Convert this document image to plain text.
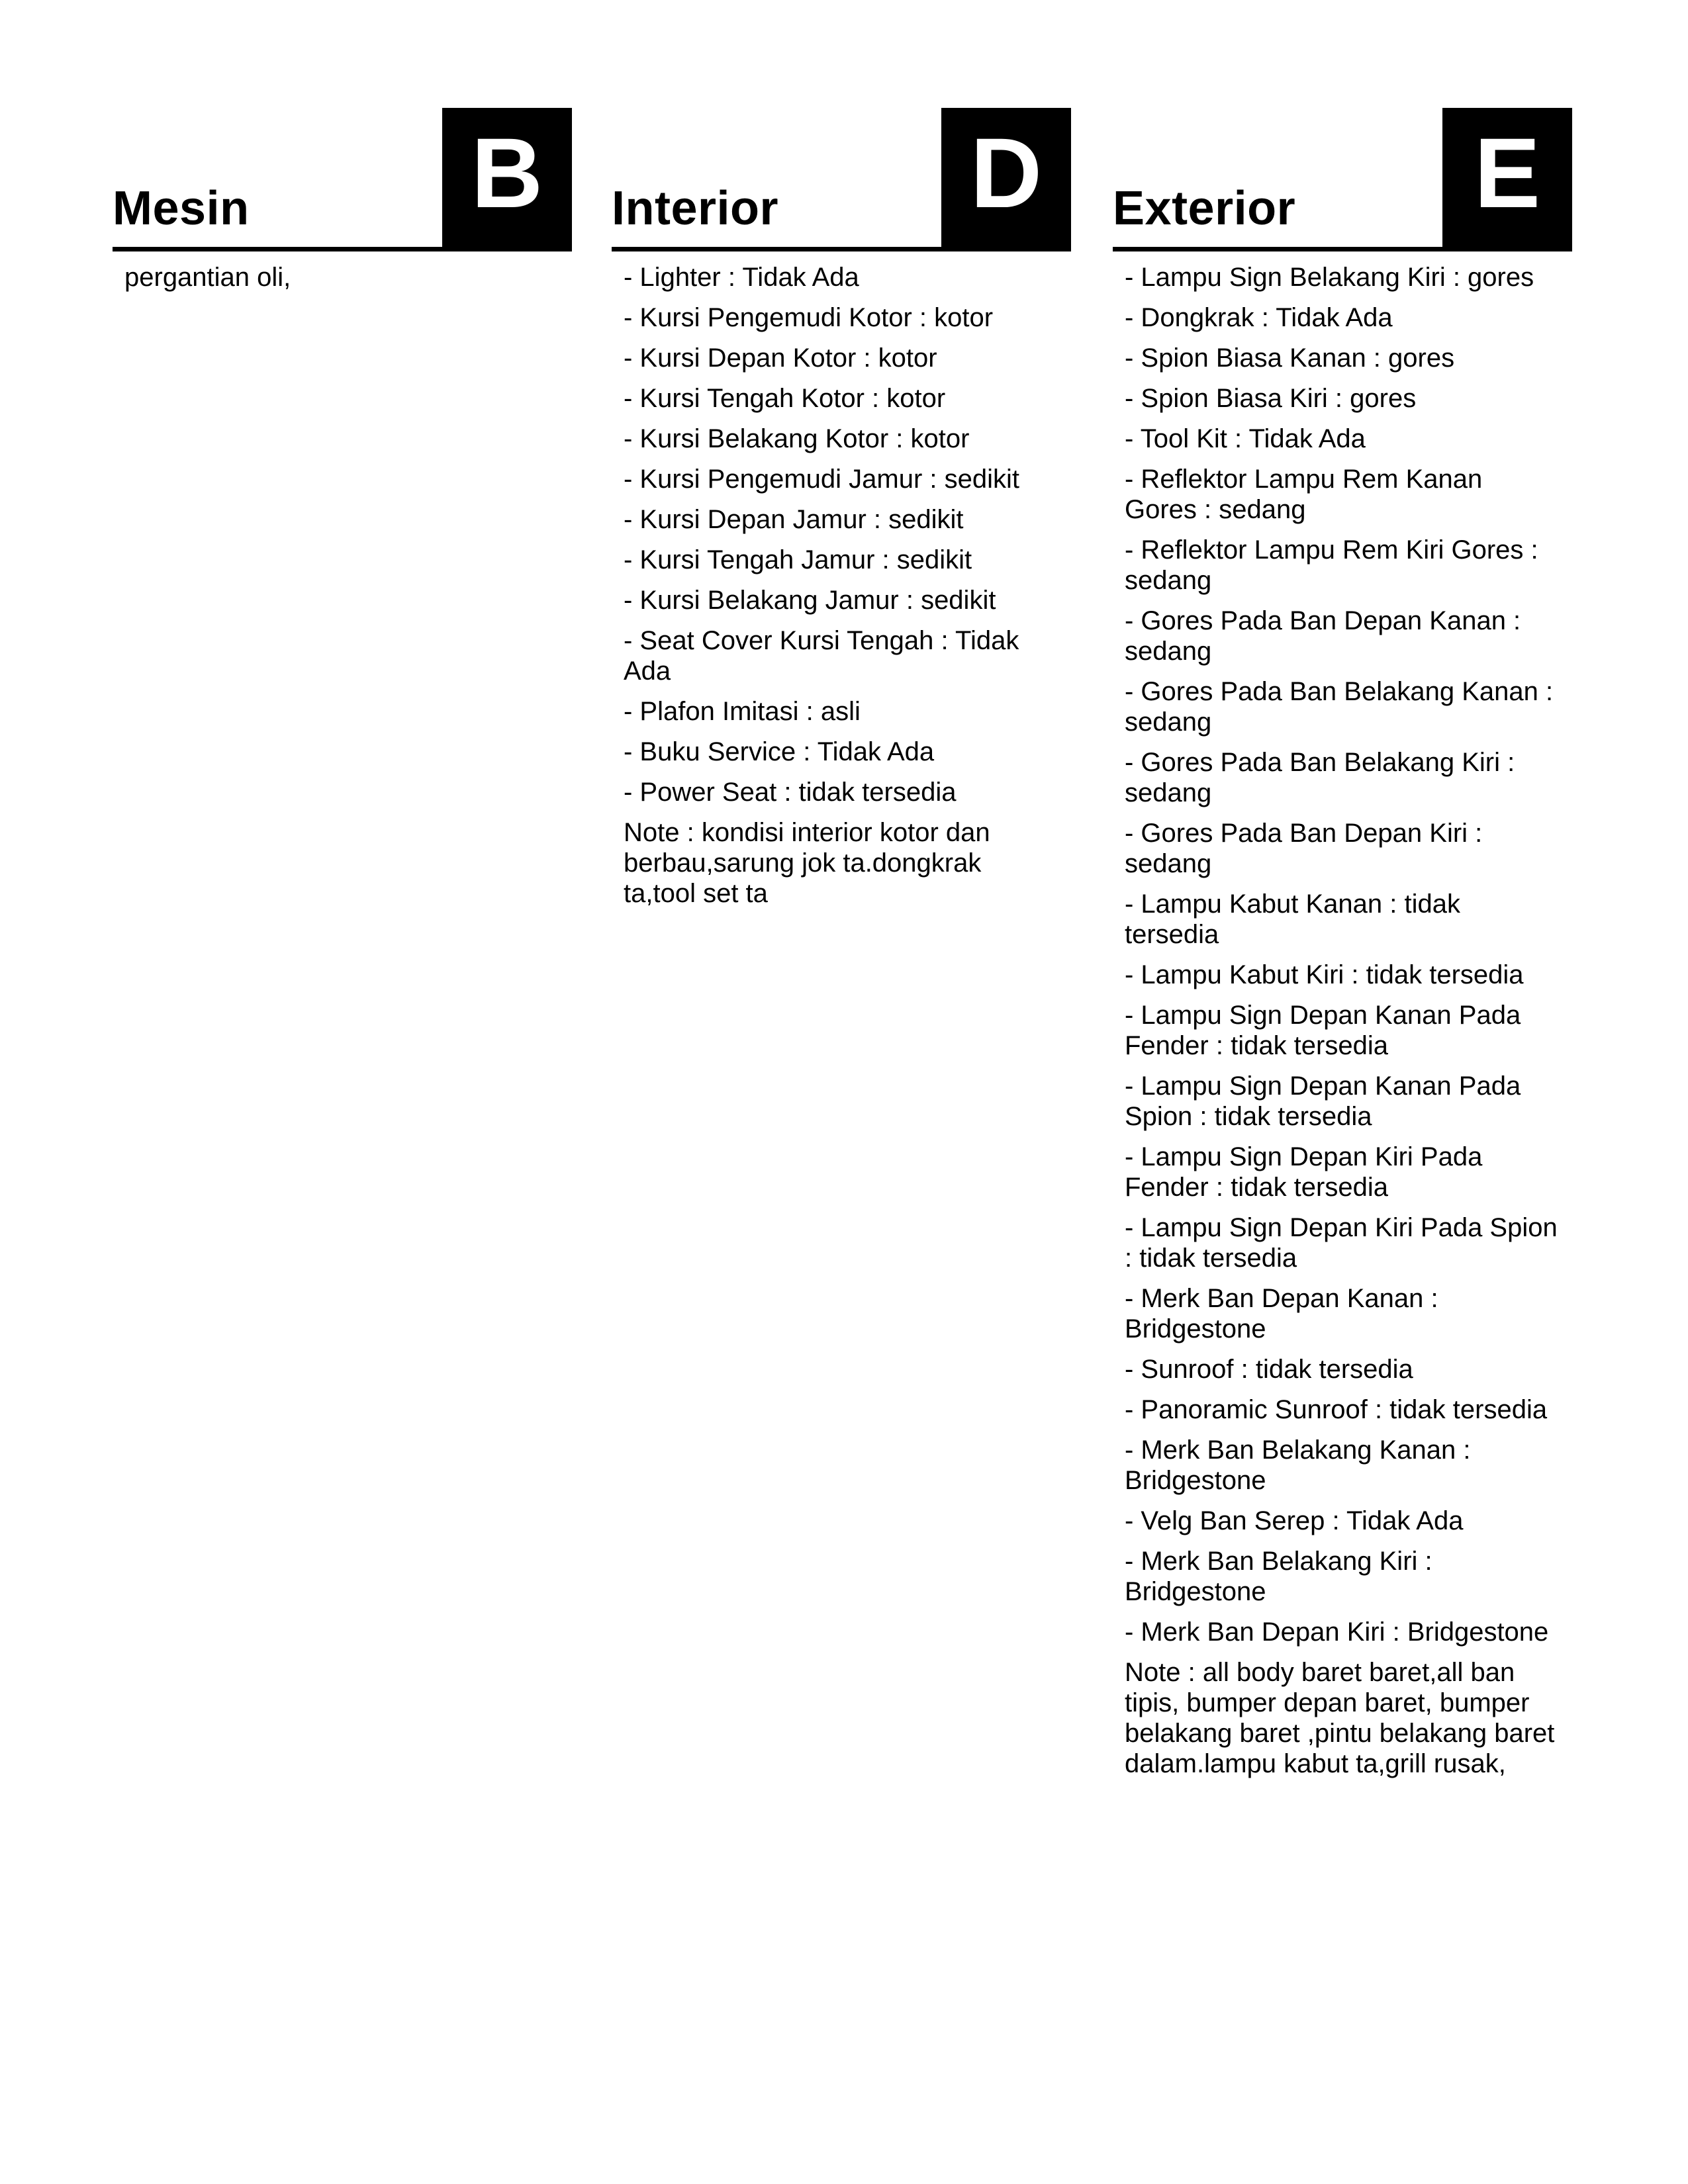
Mesin B
pergantian oli,
Interior D
- Lighter : Tidak Ada
- Kursi Pengemudi Kotor : kotor
- Kursi Depan Kotor : kotor
- Kursi Tengah Kotor : kotor
- Kursi Belakang Kotor : kotor
- Kursi Pengemudi Jamur : sedikit
- Kursi Depan Jamur : sedikit
- Kursi Tengah Jamur : sedikit
- Kursi Belakang Jamur : sedikit
- Seat Cover Kursi Tengah : Tidak Ada
- Plafon Imitasi : asli
- Buku Service : Tidak Ada
- Power Seat : tidak tersedia
Note : kondisi interior kotor dan berbau,sarung jok ta.dongkrak ta,tool set ta
Exterior	E
- Lampu Sign Belakang Kiri : gores
- Dongkrak : Tidak Ada
- Spion Biasa Kanan : gores
- Spion Biasa Kiri : gores
- Tool Kit : Tidak Ada
- Reflektor Lampu Rem Kanan Gores : sedang
- Reflektor Lampu Rem Kiri Gores : sedang
- Gores Pada Ban Depan Kanan : sedang
- Gores Pada Ban Belakang Kanan : sedang
- Gores Pada Ban Belakang Kiri : sedang
- Gores Pada Ban Depan Kiri : sedang
- Lampu Kabut Kanan : tidak tersedia
- Lampu Kabut Kiri : tidak tersedia
- Lampu Sign Depan Kanan Pada Fender : tidak tersedia
- Lampu Sign Depan Kanan Pada Spion : tidak tersedia
- Lampu Sign Depan Kiri Pada Fender : tidak tersedia
- Lampu Sign Depan Kiri Pada Spion : tidak tersedia
- Merk Ban Depan Kanan : Bridgestone
- Sunroof : tidak tersedia
- Panoramic Sunroof : tidak tersedia
- Merk Ban Belakang Kanan : Bridgestone
- Velg Ban Serep : Tidak Ada
- Merk Ban Belakang Kiri : Bridgestone
- Merk Ban Depan Kiri : Bridgestone
Note : all body baret baret,all ban tipis, bumper depan baret, bumper belakang baret ,pintu belakang baret dalam.lampu kabut ta,grill rusak,
